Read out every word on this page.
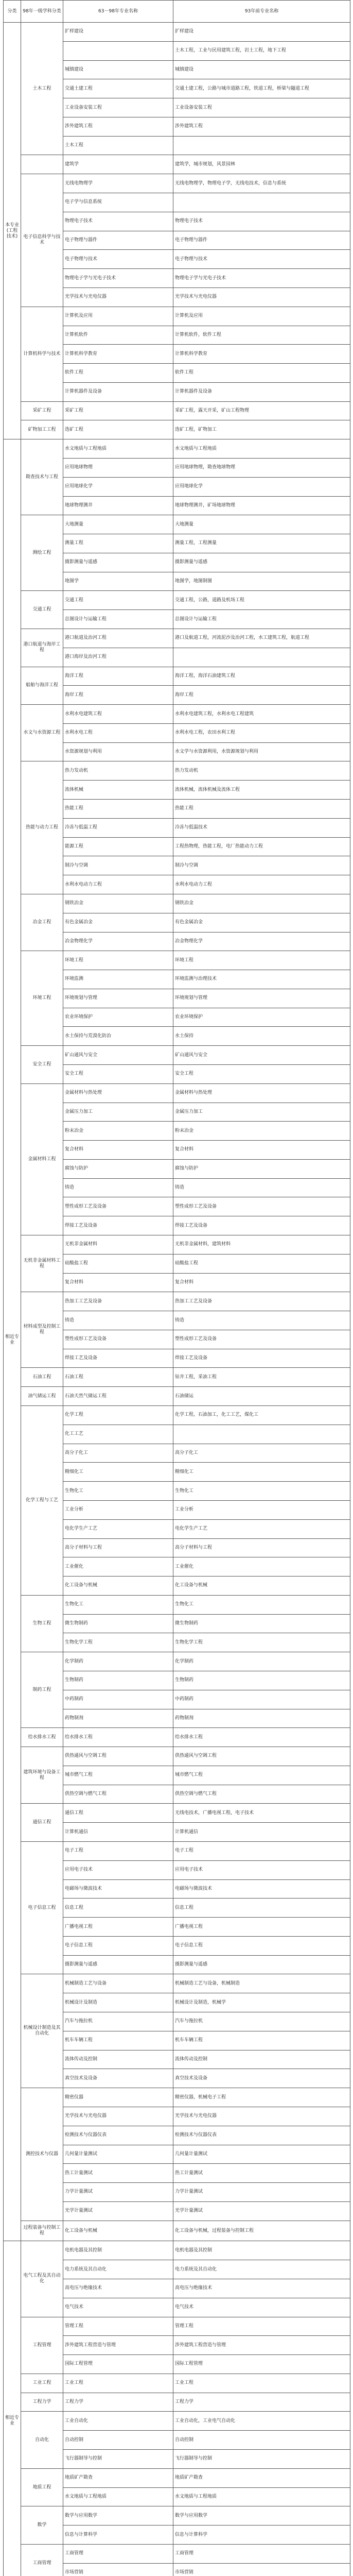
分类	98年一级学科分类	63－98年专业名称	93年前专业名称
本专业(工程技术)	土木工程	扩样建设	扩样建设
			土木工程，工业与民用建筑工程，岩土工程，地下工程
		城镇建设	城镇建设
		交通土建工程	交通土建工程，公路与城市道路工程，铁道工程，桥梁与隧道工程
		工业设备安装工程	工业设备安装工程
		涉外建筑工程	涉外建筑工程
		土木工程	
		建筑学	建筑学，城市规划，风景园林
	电子信息科学与技术	无线电物理学	无线电物理学，物理电子学，无线电技术，信息与系统
		电子学与信息系统	
		物理电子技术	物理电子技术
		电子物理与器件	电子物理与器件
		电子物理与技术	电子物理与技术
		物理电子学与光电子技术	物理电子学与光电子技术
		光学技术与光电仪器	光学技术与光电仪器
	计算机科学与技术	计算机及应用	计算机及应用
		计算机软件	计算机软件，软件工程
		计算机科学教育	计算机科学教育
		软件工程	软件工程
		计算机器件及设备	计算机器件及设备
	采矿工程	采矿工程	采矿工程，露天开采，矿山工程物理
	矿物加工工程	选矿工程	选矿工程，矿物加工
相近专业	勘查技术与工程	水文地质与工程地质	水文地质与工程地质
		应用地球物理	应用地球物理，勘查地球物理
		应用地球化学	应用地球化学
		地球物理测井	地球物理测井，矿场地球物理
	测绘工程	大地测量	大地测量
		测量工程	测量工程，工程测量
		摄影测量与遥感	摄影测量与遥感
		地图学	地图学，地图制图
	交通工程	交通工程	交通工程，公路，道路及机场工程
		总图设计与运输工程	总图设计与运输工程
	港口航道与海岸工程	港口航道及治河工程	港口及航道工程，河流泥沙及治河工程，水工建筑工程，航道工程
		港口海岸及治河工程	
	船舶与海洋工程	海洋工程	海洋工程，海洋石油建筑工程
		海岸工程	海岸工程
	水文与水资源工程	水利水电建筑工程	水利水电建筑工程，水利水电工程建筑
		水利水电工程	水利水电工程，农田水利工程
		水资源规划与利用	水文学与水资源利用，水资源规划与利用
	热能与动力工程	热力发动机	热力发动机
		流体机械	流体机械，流体机械及流体工程
		热能工程	热能工程
		冷冻与低温工程	冷冻与低温技术
		能源工程	工程热物理，热能工程，电厂热能动力工程
		制冷与空调	制冷与空调
		水利水电动力工程	水利水电动力工程
	冶金工程	钢铁冶金	钢铁冶金
		有色金属冶金	有色金属冶金
		冶金物理化学	冶金物理化学
	环境工程	环境工程	环境工程
		环境监测	环境监测与治理技术
		环境规划与管理	环境规划与管理
		农业环境保护	农业环境保护
		水土保持与荒漠化防治	水土保持
	安全工程	矿山通风与安全	矿山通风与安全
		安全工程	安全工程
	金属材料工程	金属材料与热处理	金属材料与热处理
		金属压力加工	金属压力加工
		粉末冶金	粉末冶金
		复合材料	复合材料
		腐蚀与防护	腐蚀与防护
		铸造	铸造
		塑性成形工艺及设备	塑性成形工艺及设备
		焊接工艺及设备	焊接工艺及设备
	无机非金属材料工程	无机非金属材料	无机非金属材料，建筑材料
		硅酸盐工程	硅酸盐工程
		复合材料	复合材料
	材料成型及控制工程	热加工工艺及设备	热加工工艺及设备
		铸造	铸造
		塑性成形工艺及设备	塑性成形工艺及设备
		焊接工艺及设备	焊接工艺及设备
	石油工程	石油工程	钻井工程，采油工程
	油气储运工程	石油天然气储运工程	石油储运
	化学工程与工艺	化学工程	化学工程，石油加工，化工工艺，煤化工
		化工工艺	
		高分子化工	高分子化工
		精细化工	精细化工
		生物化工	生物化工
		工业分析	工业分析
		电化学生产工艺	电化学生产工艺
		高分子材料与工程	高分子材料与工程
		工业催化	工业催化
		化工设备与机械	化工设备与机械
	生物工程	生物化工	生物化工
		微生物制药	微生物制药
		生物化学工程	生物化学工程
	制药工程	化学制药	化学制药
		生物制药	生物制药
		中药制药	中药制药
		药物制剂	药物制剂
	给水排水工程	给水排水工程	给水排水工程
	建筑环境与设备工程	供热通风与空调工程	供热通风与空调工程
		城市燃气工程	城市燃气工程
		供热空调与燃气工程	供热空调与燃气工程
	通信工程	通信工程	无线电技术，广播电视工程，电子技术
		计算机通信	计算机通信
	电子信息工程	电子工程	电子工程
		应用电子技术	应用电子技术
		电磁场与微波技术	电磁场与微波技术
		信息工程	信息工程
		广播电视工程	广播电视工程
		电子信息工程	电子信息工程
		摄影测量与遥感	摄影测量与遥感
	机械设计制造及其自动化	机械制造工艺与设备	机械制造工艺与设备，机械制造
		机械设计及制造	机械设计及制造，机械学
		汽车与拖拉机	汽车与拖拉机
		机车车辆工程	机车车辆工程
		流体传动及控制	流体传动及控制
		真空技术及设备	真空技术及设备
	测控技术与仪器	精密仪器	精密仪器，机械电子工程
		光学技术与光电仪器	光学技术与光电仪器
		检测技术与仪器仪表	检测技术与仪器仪表
		几何量计量测试	几何量计量测试
		热工计量测试	热工计量测试
		力学计量测试	力学计量测试
		光学计量测试	光学计量测试
	过程装备与控制工程	化工设备与机械	化工设备与机械，过程装备与控制工程
相近专业	电气工程及其自动化	电机电器及其控制	电机电器及其控制
		电力系统及其自动化	电力系统及其自动化
		高电压与绝缘技术	高电压与绝缘技术
		电气技术	电气技术
	工程管理	管理工程	管理工程
		涉外建筑工程营造与管理	涉外建筑工程营造与管理
		国际工程管理	国际工程管理
	工业工程	工业工程	工业工程
	工程力学	工程力学	工程力学
	自动化	工业自动化	工业自动化，工业电气自动化
		自动控制	自动控制
		飞行器制导与控制	飞行器制导与控制
	地质工程	地质矿产勘查	地质矿产勘查
		水文地质与工程地质	水文地质与工程地质
	数学	数学与应用数学	数学与应用数学
		信息与计算科学	信息与计算科学
	工商管理	工商管理	工商管理
		市场营销	市场营销
